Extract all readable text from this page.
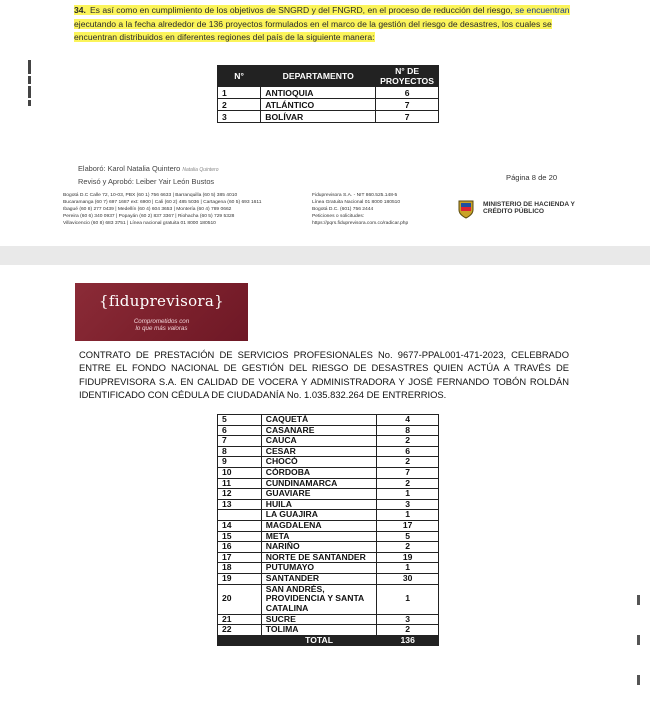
34. Es así como en cumplimiento de los objetivos de SNGRD y del FNGRD, en el proceso de reducción del riesgo, se encuentran ejecutando a la fecha alrededor de 136 proyectos formulados en el marco de la gestión del riesgo de desastres, los cuales se encuentran distribuidos en diferentes regiones del país de la siguiente manera:
N°	DEPARTAMENTO	N° DE PROYECTOS
1	ANTIOQUIA	6
2	ATLÁNTICO	7
3	BOLÍVAR	7
Elaboró: Karol Natalia Quintero Natalia Quintero
Revisó y Aprobó: Leiber Yair León Bustos	Página 8 de 20
Bogotá D.C Calle 72, 10-03, PBX (60 1) 756 6633 | Barranquilla (60 5) 385 4010
Bucaramanga (60 7) 697 1687 ext: 6900 | Cali (60 2) 485 5036 | Cartagena (60 5) 693 1611
Ibagué (60 8) 277 0439 | Medellín (60 4) 604 3653 | Montería (60 4) 789 0662
Pereira (60 6) 340 0937 | Popayán (60 2) 837 3367 | Riohacha (60 5) 729 5328
Villavicencio (60 8) 683 3751 | Línea nacional gratuita 01 8000 180510
Fiduprevisora S.A. - NIT 860.525.148-5
Línea Gratuita Nacional 01 8000 180510
Bogotá D.C. (601) 756 2444
Peticiones o solicitudes:
https://pqrs.fiduprevisora.com.co/radicar.php
MINISTERIO DE HACIENDA Y
CRÉDITO PÚBLICO
{fiduprevisora}
Comprometidos con
lo que más valoras
CONTRATO DE PRESTACIÓN DE SERVICIOS PROFESIONALES No. 9677-PPAL001-471-2023, CELEBRADO ENTRE EL FONDO NACIONAL DE GESTIÓN DEL RIESGO DE DESASTRES QUIEN ACTÚA A TRAVÉS DE FIDUPREVISORA S.A. EN CALIDAD DE VOCERA Y ADMINISTRADORA Y JOSÉ FERNANDO TOBÓN ROLDÁN IDENTIFICADO CON CÉDULA DE CIUDADANÍA No. 1.035.832.264 DE ENTRERRIOS.
5	CAQUETÁ	4
6	CASANARE	8
7	CAUCA	2
8	CESAR	6
9	CHOCÓ	2
10	CÓRDOBA	7
11	CUNDINAMARCA	2
12	GUAVIARE	1
13	HUILA	3
	LA GUAJIRA	1
14	MAGDALENA	17
15	META	5
16	NARIÑO	2
17	NORTE DE SANTANDER	19
18	PUTUMAYO	1
19	SANTANDER	30
20	SAN ANDRÉS, PROVIDENCIA Y SANTA CATALINA	1
21	SUCRE	3
22	TOLIMA	2
	TOTAL	136
